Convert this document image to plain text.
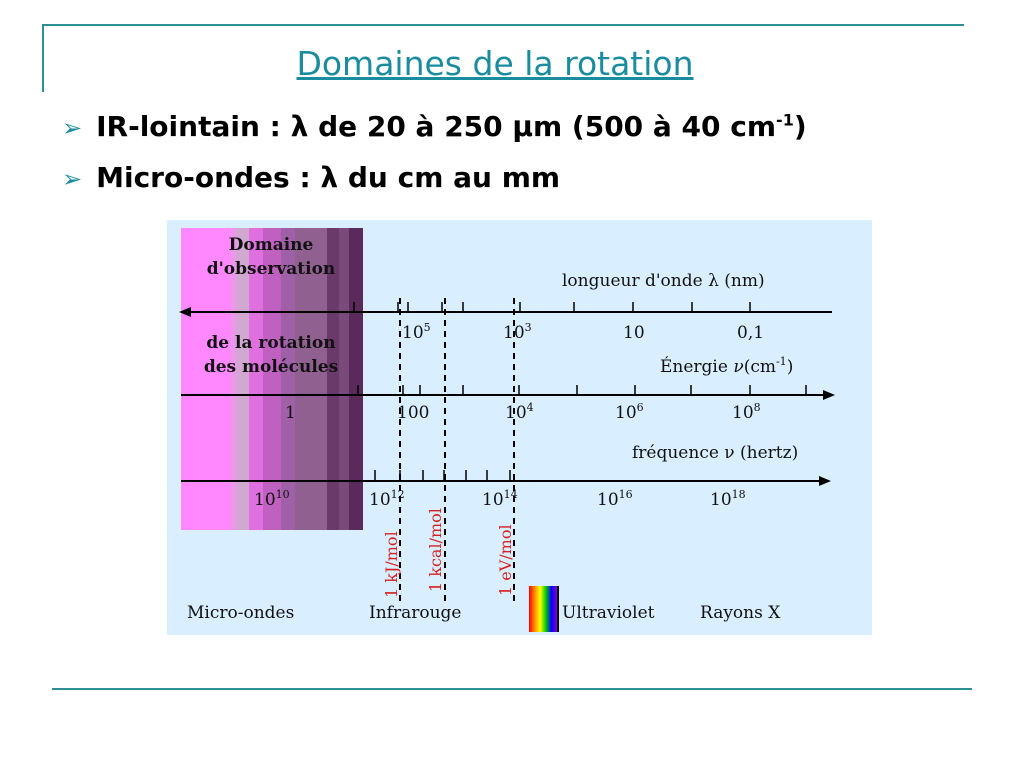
Domaines de la rotation
➢ IR-lointain : λ de 20 à 250 μm (500 à 40 $cm^{-1}$)
➢ Micro-ondes : λ du cm au mm
Domaine
d'observation
de la rotation
des molécules
longueur d'onde λ (nm)
$10^5$	$10^3$	10	0,1
Énergie $\nu(cm^{-1})$
1	100	$10^4$	$10^6$	$10^8$
fréquence ν (hertz)
$10^{10}$	$10^{12}$	$10^{14}$	$10^{16}$	$10^{18}$
1 kJ/mol 1 kcal/mol	1 eV/mol
Micro-ondes	Infrarouge	Ultraviolet	Rayons X
